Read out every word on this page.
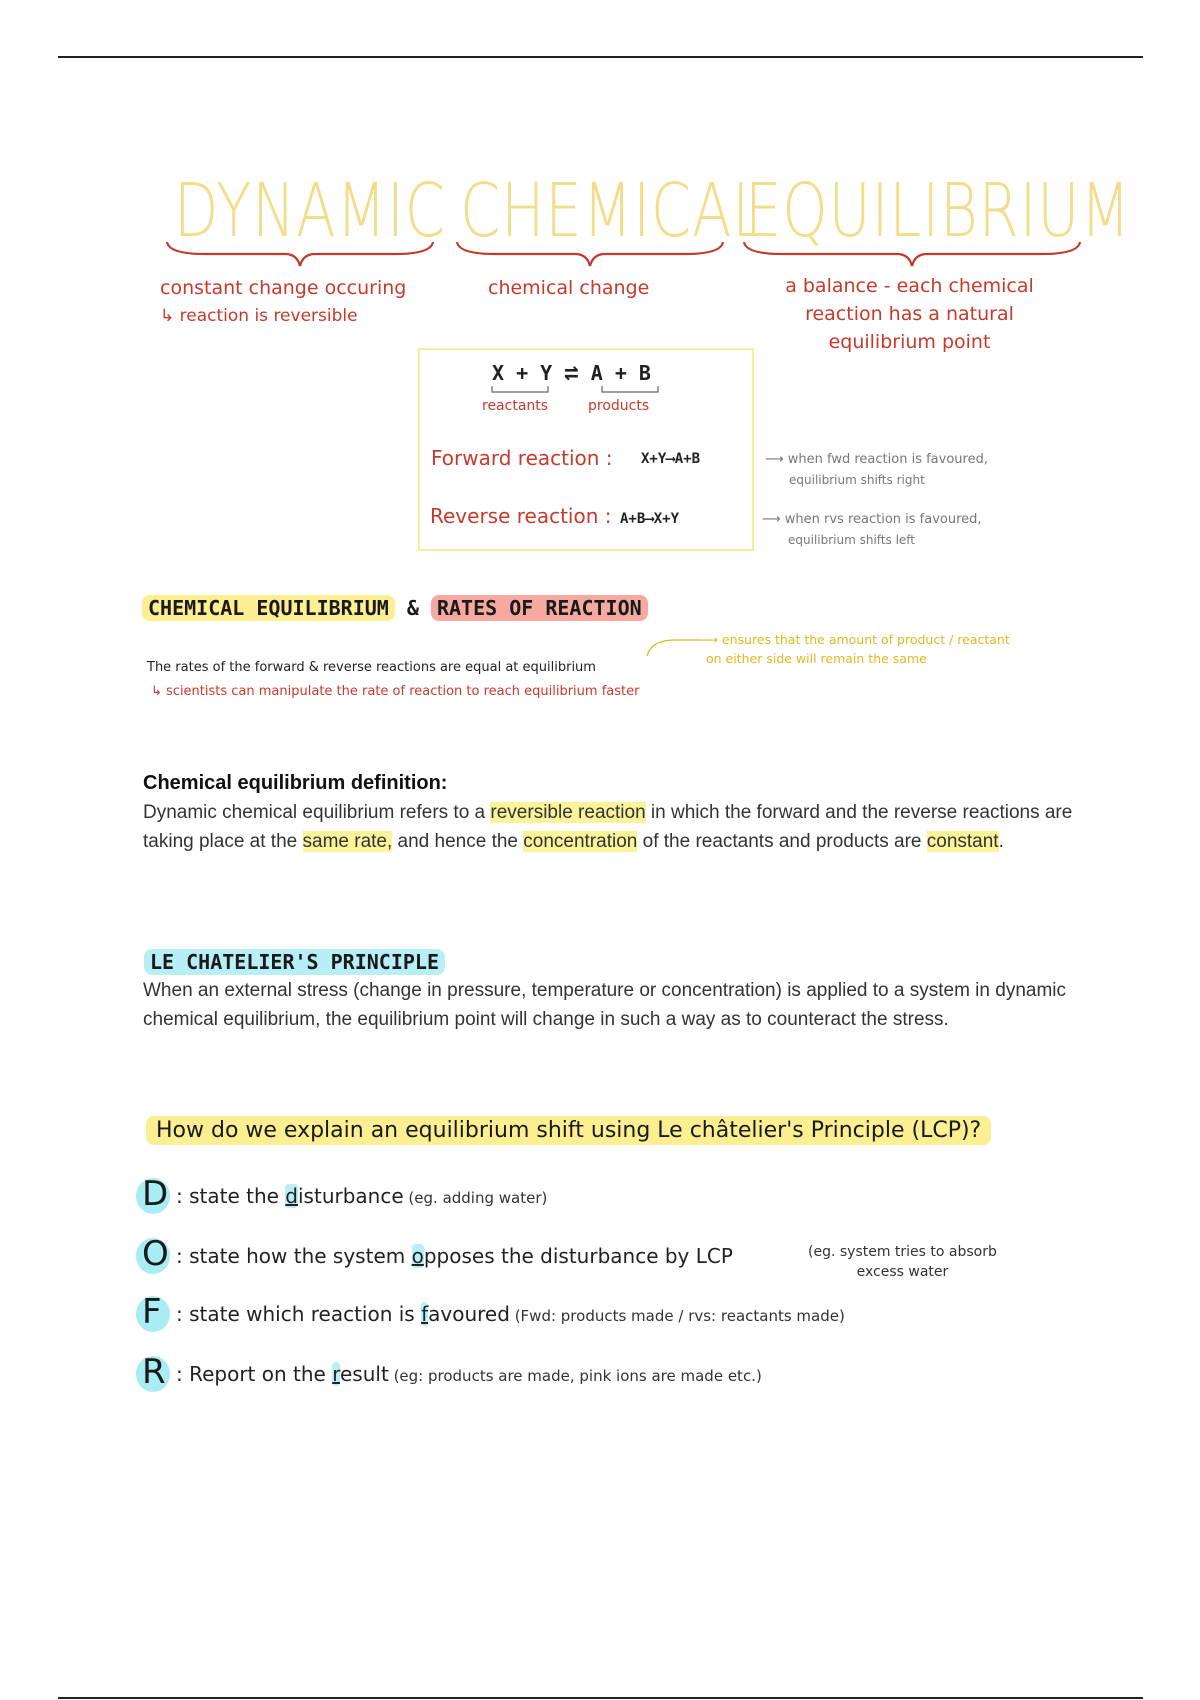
DYNAMIC CHEMICAL
EQUILIBRIUM
constant change occuring
↳ reaction is reversible
chemical change	a balance - each chemical
reaction has a natural
equilibrium point
X + Y ⇌ A + B
reactants	products
Forward reaction : X+Y⟶A+B
Reverse reaction : A+B⟶X+Y
⟶ when fwd reaction is favoured,
equilibrium shifts right
⟶ when rvs reaction is favoured,
equilibrium shifts left
CHEMICAL EQUILIBRIUM & RATES OF REACTION
⟶ ensures that the amount of product / reactant
on either side will remain the same
The rates of the forward & reverse reactions are equal at equilibrium
↳ scientists can manipulate the rate of reaction to reach equilibrium faster
Chemical equilibrium definition:
Dynamic chemical equilibrium refers to a reversible reaction in which the forward and the reverse reactions are taking place at the same rate, and hence the concentration of the reactants and products are constant.
LE CHATELIER'S PRINCIPLE
When an external stress (change in pressure, temperature or concentration) is applied to a system in dynamic chemical equilibrium, the equilibrium point will change in such a way as to counteract the stress.
How do we explain an equilibrium shift using Le châtelier's Principle (LCP)?
D : state the disturbance (eg. adding water)
O : state how the system opposes the disturbance by LCP	(eg. system tries to absorb
excess water
F : state which reaction is favoured (Fwd: products made / rvs: reactants made)
R : Report on the result (eg: products are made, pink ions are made etc.)
